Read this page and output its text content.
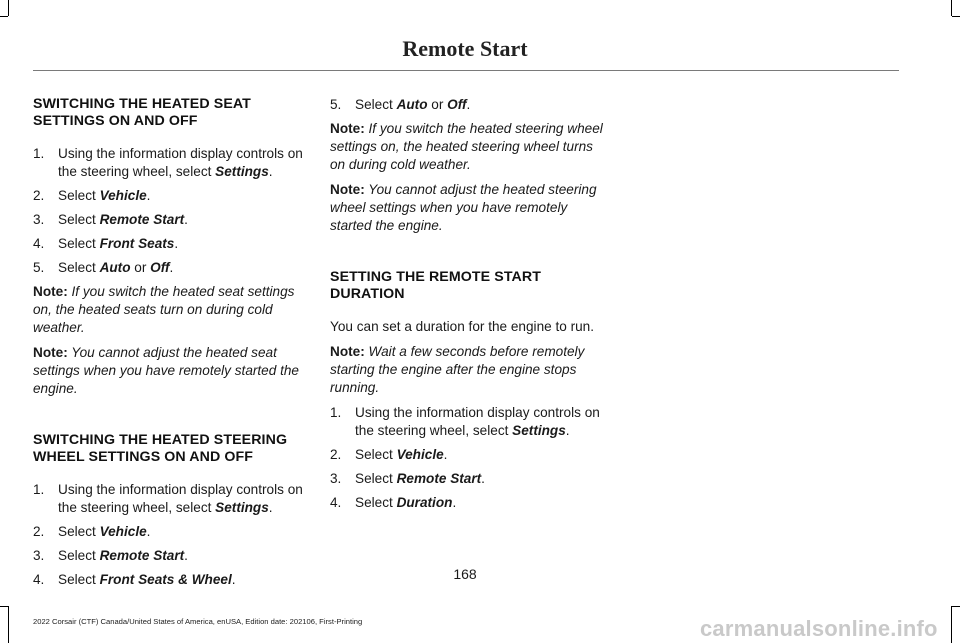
Remote Start
SWITCHING THE HEATED SEAT SETTINGS ON AND OFF
1. Using the information display controls on the steering wheel, select Settings.
2. Select Vehicle.
3. Select Remote Start.
4. Select Front Seats.
5. Select Auto or Off.
Note: If you switch the heated seat settings on, the heated seats turn on during cold weather.
Note: You cannot adjust the heated seat settings when you have remotely started the engine.
SWITCHING THE HEATED STEERING WHEEL SETTINGS ON AND OFF
1. Using the information display controls on the steering wheel, select Settings.
2. Select Vehicle.
3. Select Remote Start.
4. Select Front Seats & Wheel.
5. Select Auto or Off.
Note: If you switch the heated steering wheel settings on, the heated steering wheel turns on during cold weather.
Note: You cannot adjust the heated steering wheel settings when you have remotely started the engine.
SETTING THE REMOTE START DURATION
You can set a duration for the engine to run.
Note: Wait a few seconds before remotely starting the engine after the engine stops running.
1. Using the information display controls on the steering wheel, select Settings.
2. Select Vehicle.
3. Select Remote Start.
4. Select Duration.
168
2022 Corsair (CTF) Canada/United States of America, enUSA, Edition date: 202106, First-Printing	carmanualsonline.info
